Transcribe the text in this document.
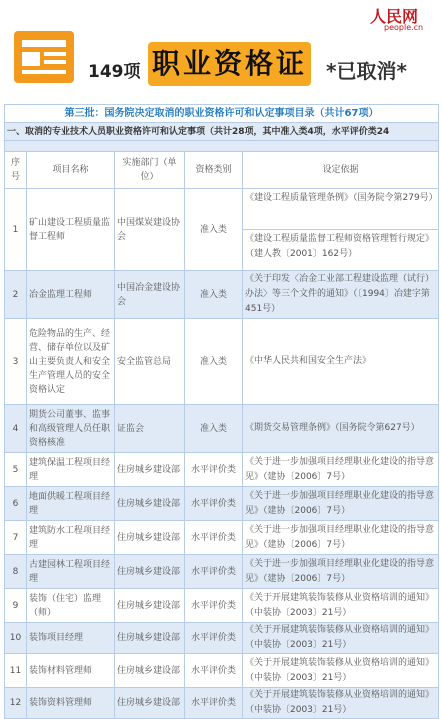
149项 职业资格证 *已取消*
人民网
people.cn
第三批：国务院决定取消的职业资格许可和认定事项目录（共计67项）				
一、取消的专业技术人员职业资格许可和认定事项（共计28项，其中准入类4项，水平评价类24				

序号	项目名称	实施部门（单位）	资格类别	设定依据
1	矿山建设工程质量监督工程师	中国煤炭建设协会	准入类	《建设工程质量管理条例》（国务院令第279号）
《建设工程质量监督工程师资格管理暂行规定》（建人教〔2001〕162号）

2	冶金监理工程师	中国冶金建设协会	准入类	《关于印发〈冶金工业部工程建设监理（试行）办法〉等三个文件的通知》（〔1994〕冶建字第451号）
3	危险物品的生产、经营、储存单位以及矿山主要负责人和安全生产管理人员的安全资格认定	安全监管总局	准入类	《中华人民共和国安全生产法》
4	期货公司董事、监事和高级管理人员任职资格核准	证监会	准入类	《期货交易管理条例》（国务院令第627号）
5	建筑保温工程项目经理	住房城乡建设部	水平评价类	《关于进一步加强项目经理职业化建设的指导意见》（建协〔2006〕7号）
6	地面供暖工程项目经理	住房城乡建设部	水平评价类	《关于进一步加强项目经理职业化建设的指导意见》（建协〔2006〕7号）
7	建筑防水工程项目经理	住房城乡建设部	水平评价类	《关于进一步加强项目经理职业化建设的指导意见》（建协〔2006〕7号）
8	古建园林工程项目经理	住房城乡建设部	水平评价类	《关于进一步加强项目经理职业化建设的指导意见》（建协〔2006〕7号）
9	装饰（住宅）监理（师）	住房城乡建设部	水平评价类	《关于开展建筑装饰装修从业资格培训的通知》（中装协〔2003〕21号）
10	装饰项目经理	住房城乡建设部	水平评价类	《关于开展建筑装饰装修从业资格培训的通知》（中装协〔2003〕21号）
11	装饰材料管理师	住房城乡建设部	水平评价类	《关于开展建筑装饰装修从业资格培训的通知》（中装协〔2003〕21号）
12	装饰资料管理师	住房城乡建设部	水平评价类	《关于开展建筑装饰装修从业资格培训的通知》（中装协〔2003〕21号）
